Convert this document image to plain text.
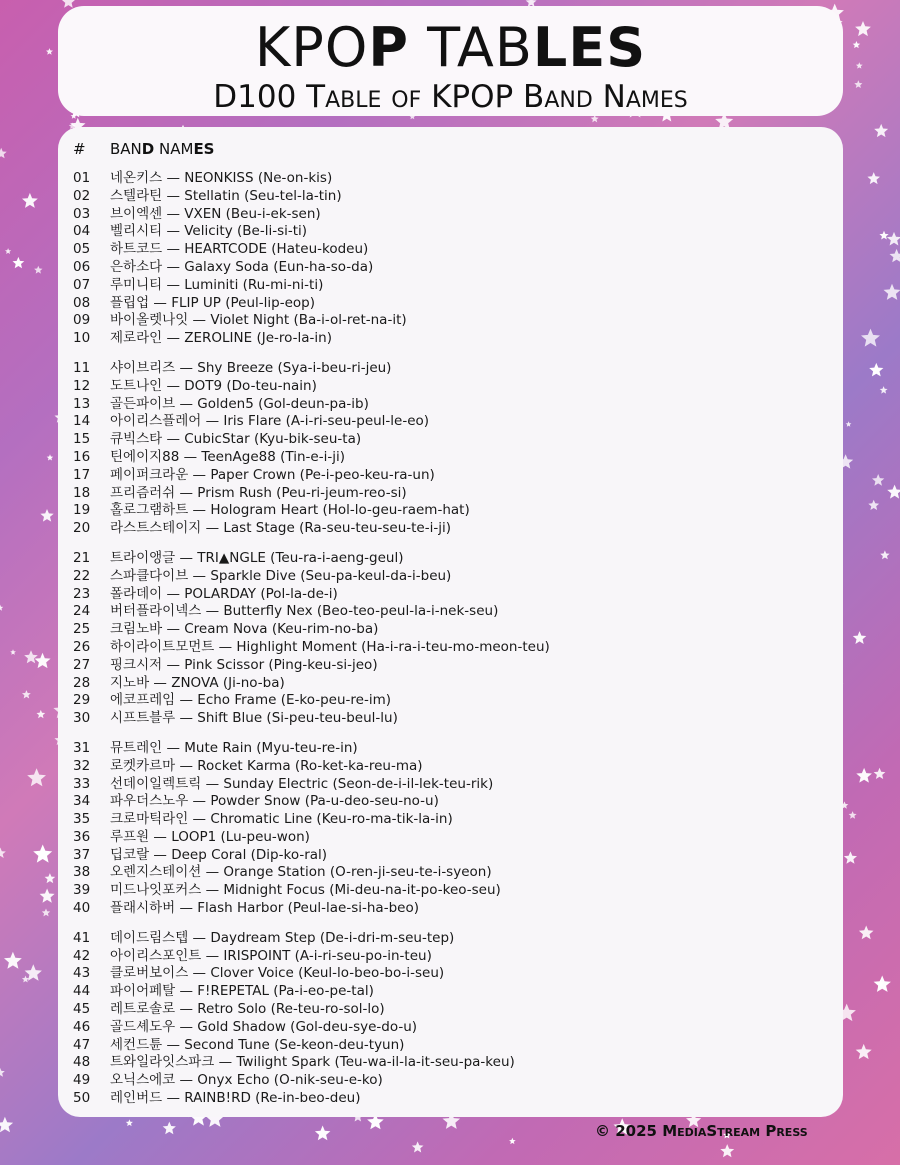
KPOP TABLES
D100 Table of KPOP Band Names
# BAND NAMES
01	네온키스 — NEONKISS (Ne-on-kis)
02	스텔라틴 — Stellatin (Seu-tel-la-tin)
03	브이엑센 — VXEN (Beu-i-ek-sen)
04	벨리시티 — Velicity (Be-li-si-ti)
05	하트코드 — HEARTCODE (Hateu-kodeu)
06	은하소다 — Galaxy Soda (Eun-ha-so-da)
07	루미니티 — Luminiti (Ru-mi-ni-ti)
08	플립업 — FLIP UP (Peul-lip-eop)
09	바이올렛나잇 — Violet Night (Ba-i-ol-ret-na-it)
10	제로라인 — ZEROLINE (Je-ro-la-in)
11	샤이브리즈 — Shy Breeze (Sya-i-beu-ri-jeu)
12	도트나인 — DOT9 (Do-teu-nain)
13	골든파이브 — Golden5 (Gol-deun-pa-ib)
14	아이리스플레어 — Iris Flare (A-i-ri-seu-peul-le-eo)
15	큐빅스타 — CubicStar (Kyu-bik-seu-ta)
16	틴에이지88 — TeenAge88 (Tin-e-i-ji)
17	페이퍼크라운 — Paper Crown (Pe-i-peo-keu-ra-un)
18	프리즘러쉬 — Prism Rush (Peu-ri-jeum-reo-si)
19	홀로그램하트 — Hologram Heart (Hol-lo-geu-raem-hat)
20	라스트스테이지 — Last Stage (Ra-seu-teu-seu-te-i-ji)
21	트라이앵글 — TRI▲NGLE (Teu-ra-i-aeng-geul)
22	스파클다이브 — Sparkle Dive (Seu-pa-keul-da-i-beu)
23	폴라데이 — POLARDAY (Pol-la-de-i)
24	버터플라이넥스 — Butterfly Nex (Beo-teo-peul-la-i-nek-seu)
25	크림노바 — Cream Nova (Keu-rim-no-ba)
26	하이라이트모먼트 — Highlight Moment (Ha-i-ra-i-teu-mo-meon-teu)
27	핑크시저 — Pink Scissor (Ping-keu-si-jeo)
28	지노바 — ZNOVA (Ji-no-ba)
29	에코프레임 — Echo Frame (E-ko-peu-re-im)
30	시프트블루 — Shift Blue (Si-peu-teu-beul-lu)
31	뮤트레인 — Mute Rain (Myu-teu-re-in)
32	로켓카르마 — Rocket Karma (Ro-ket-ka-reu-ma)
33	선데이일렉트릭 — Sunday Electric (Seon-de-i-il-lek-teu-rik)
34	파우더스노우 — Powder Snow (Pa-u-deo-seu-no-u)
35	크로마틱라인 — Chromatic Line (Keu-ro-ma-tik-la-in)
36	루프원 — LOOP1 (Lu-peu-won)
37	딥코랄 — Deep Coral (Dip-ko-ral)
38	오렌지스테이션 — Orange Station (O-ren-ji-seu-te-i-syeon)
39	미드나잇포커스 — Midnight Focus (Mi-deu-na-it-po-keo-seu)
40	플래시하버 — Flash Harbor (Peul-lae-si-ha-beo)
41	데이드림스텝 — Daydream Step (De-i-dri-m-seu-tep)
42	아이리스포인트 — IRISPOINT (A-i-ri-seu-po-in-teu)
43	클로버보이스 — Clover Voice (Keul-lo-beo-bo-i-seu)
44	파이어페탈 — F!REPETAL (Pa-i-eo-pe-tal)
45	레트로솔로 — Retro Solo (Re-teu-ro-sol-lo)
46	골드셰도우 — Gold Shadow (Gol-deu-sye-do-u)
47	세컨드튠 — Second Tune (Se-keon-deu-tyun)
48	트와일라잇스파크 — Twilight Spark (Teu-wa-il-la-it-seu-pa-keu)
49	오닉스에코 — Onyx Echo (O-nik-seu-e-ko)
50	레인버드 — RAINB!RD (Re-in-beo-deu)
© 2025 MediaStream Press
